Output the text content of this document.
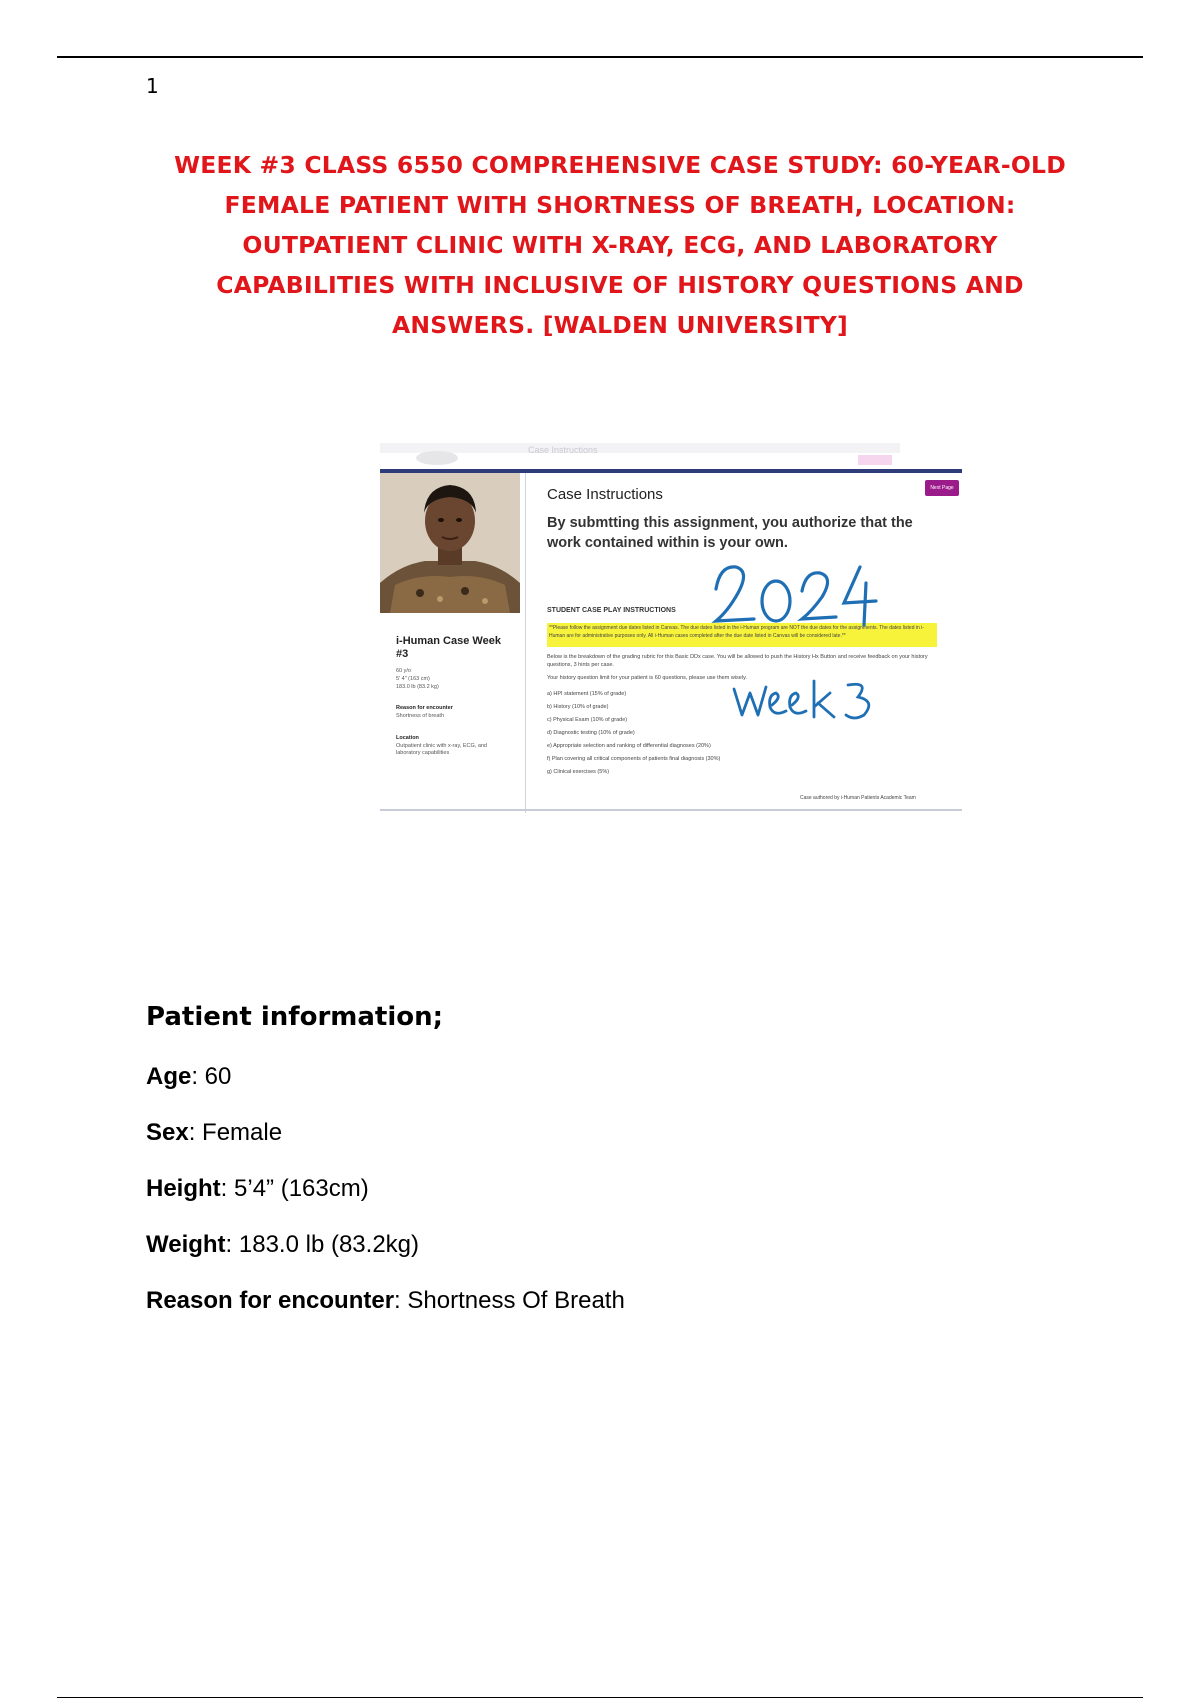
1
WEEK #3 CLASS 6550 COMPREHENSIVE CASE STUDY: 60-YEAR-OLD
FEMALE PATIENT WITH SHORTNESS OF BREATH, LOCATION:
OUTPATIENT CLINIC WITH X-RAY, ECG, AND LABORATORY
CAPABILITIES WITH INCLUSIVE OF HISTORY QUESTIONS AND
ANSWERS. [WALDEN UNIVERSITY]
Case Instructions
i-Human Case Week #3
60 y/o
5' 4" (163 cm)
183.0 lb (83.2 kg)
Reason for encounter
Shortness of breath
Location
Outpatient clinic with x-ray, ECG, and laboratory capabilities
Case Instructions	Next Page
By submtting this assignment, you authorize that the work contained within is your own.
STUDENT CASE PLAY INSTRUCTIONS
**Please follow the assignment due dates listed in Canvas. The due dates listed in the i-Human program are NOT the due dates for the assignments. The dates listed in i-Human are for administrative purposes only. All i-Human cases completed after the due date listed in Canvas will be considered late.**
Below is the breakdown of the grading rubric for this Basic DDx case. You will be allowed to push the History Hx Button and receive feedback on your history questions, 3 hints per case.
Your history question limit for your patient is 60 questions, please use them wisely.
a) HPI statement (15% of grade)
b) History (10% of grade)
c) Physical Exam (10% of grade)
d) Diagnostic testing (10% of grade)
e) Appropriate selection and ranking of differential diagnoses (20%)
f) Plan covering all critical components of patients final diagnosis (30%)
g) Clinical exercises (5%)
Case authored by i-Human Patients Academic Team
Patient information;
Age: 60
Sex: Female
Height: 5’4” (163cm)
Weight: 183.0 lb (83.2kg)
Reason for encounter: Shortness Of Breath
